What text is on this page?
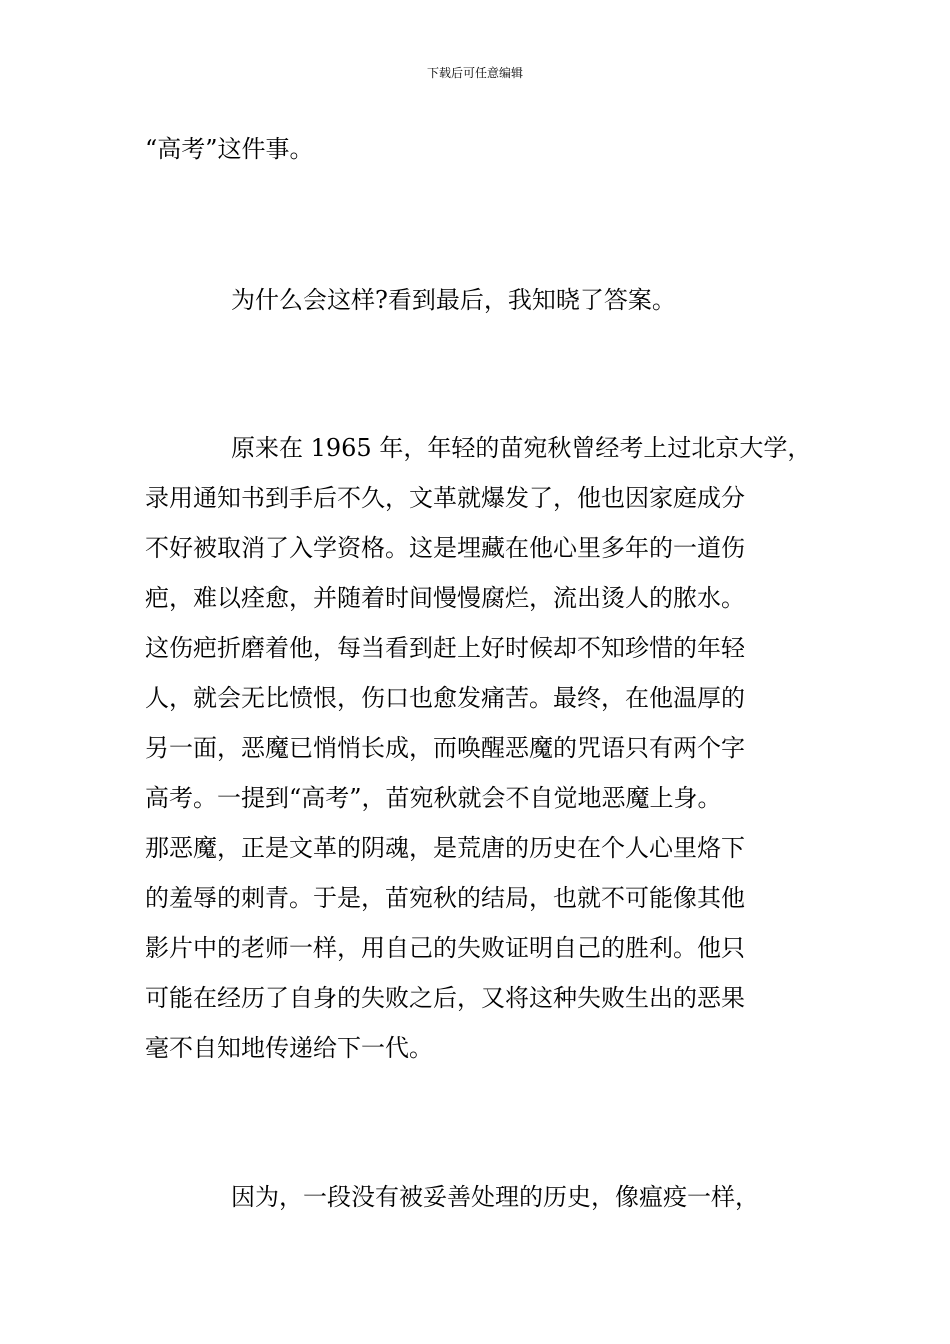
下载后可任意编辑
“高考”这件事。
为什么会这样?看到最后，我知晓了答案。
原来在 1965 年，年轻的苗宛秋曾经考上过北京大学，
录用通知书到手后不久，文革就爆发了，他也因家庭成分
不好被取消了入学资格。这是埋藏在他心里多年的一道伤
疤，难以痊愈，并随着时间慢慢腐烂，流出烫人的脓水。
这伤疤折磨着他，每当看到赶上好时候却不知珍惜的年轻
人，就会无比愤恨，伤口也愈发痛苦。最终，在他温厚的
另一面，恶魔已悄悄长成，而唤醒恶魔的咒语只有两个字
高考。一提到“高考”，苗宛秋就会不自觉地恶魔上身。
那恶魔，正是文革的阴魂，是荒唐的历史在个人心里烙下
的羞辱的刺青。于是，苗宛秋的结局，也就不可能像其他
影片中的老师一样，用自己的失败证明自己的胜利。他只
可能在经历了自身的失败之后，又将这种失败生出的恶果
毫不自知地传递给下一代。
因为，一段没有被妥善处理的历史，像瘟疫一样，
